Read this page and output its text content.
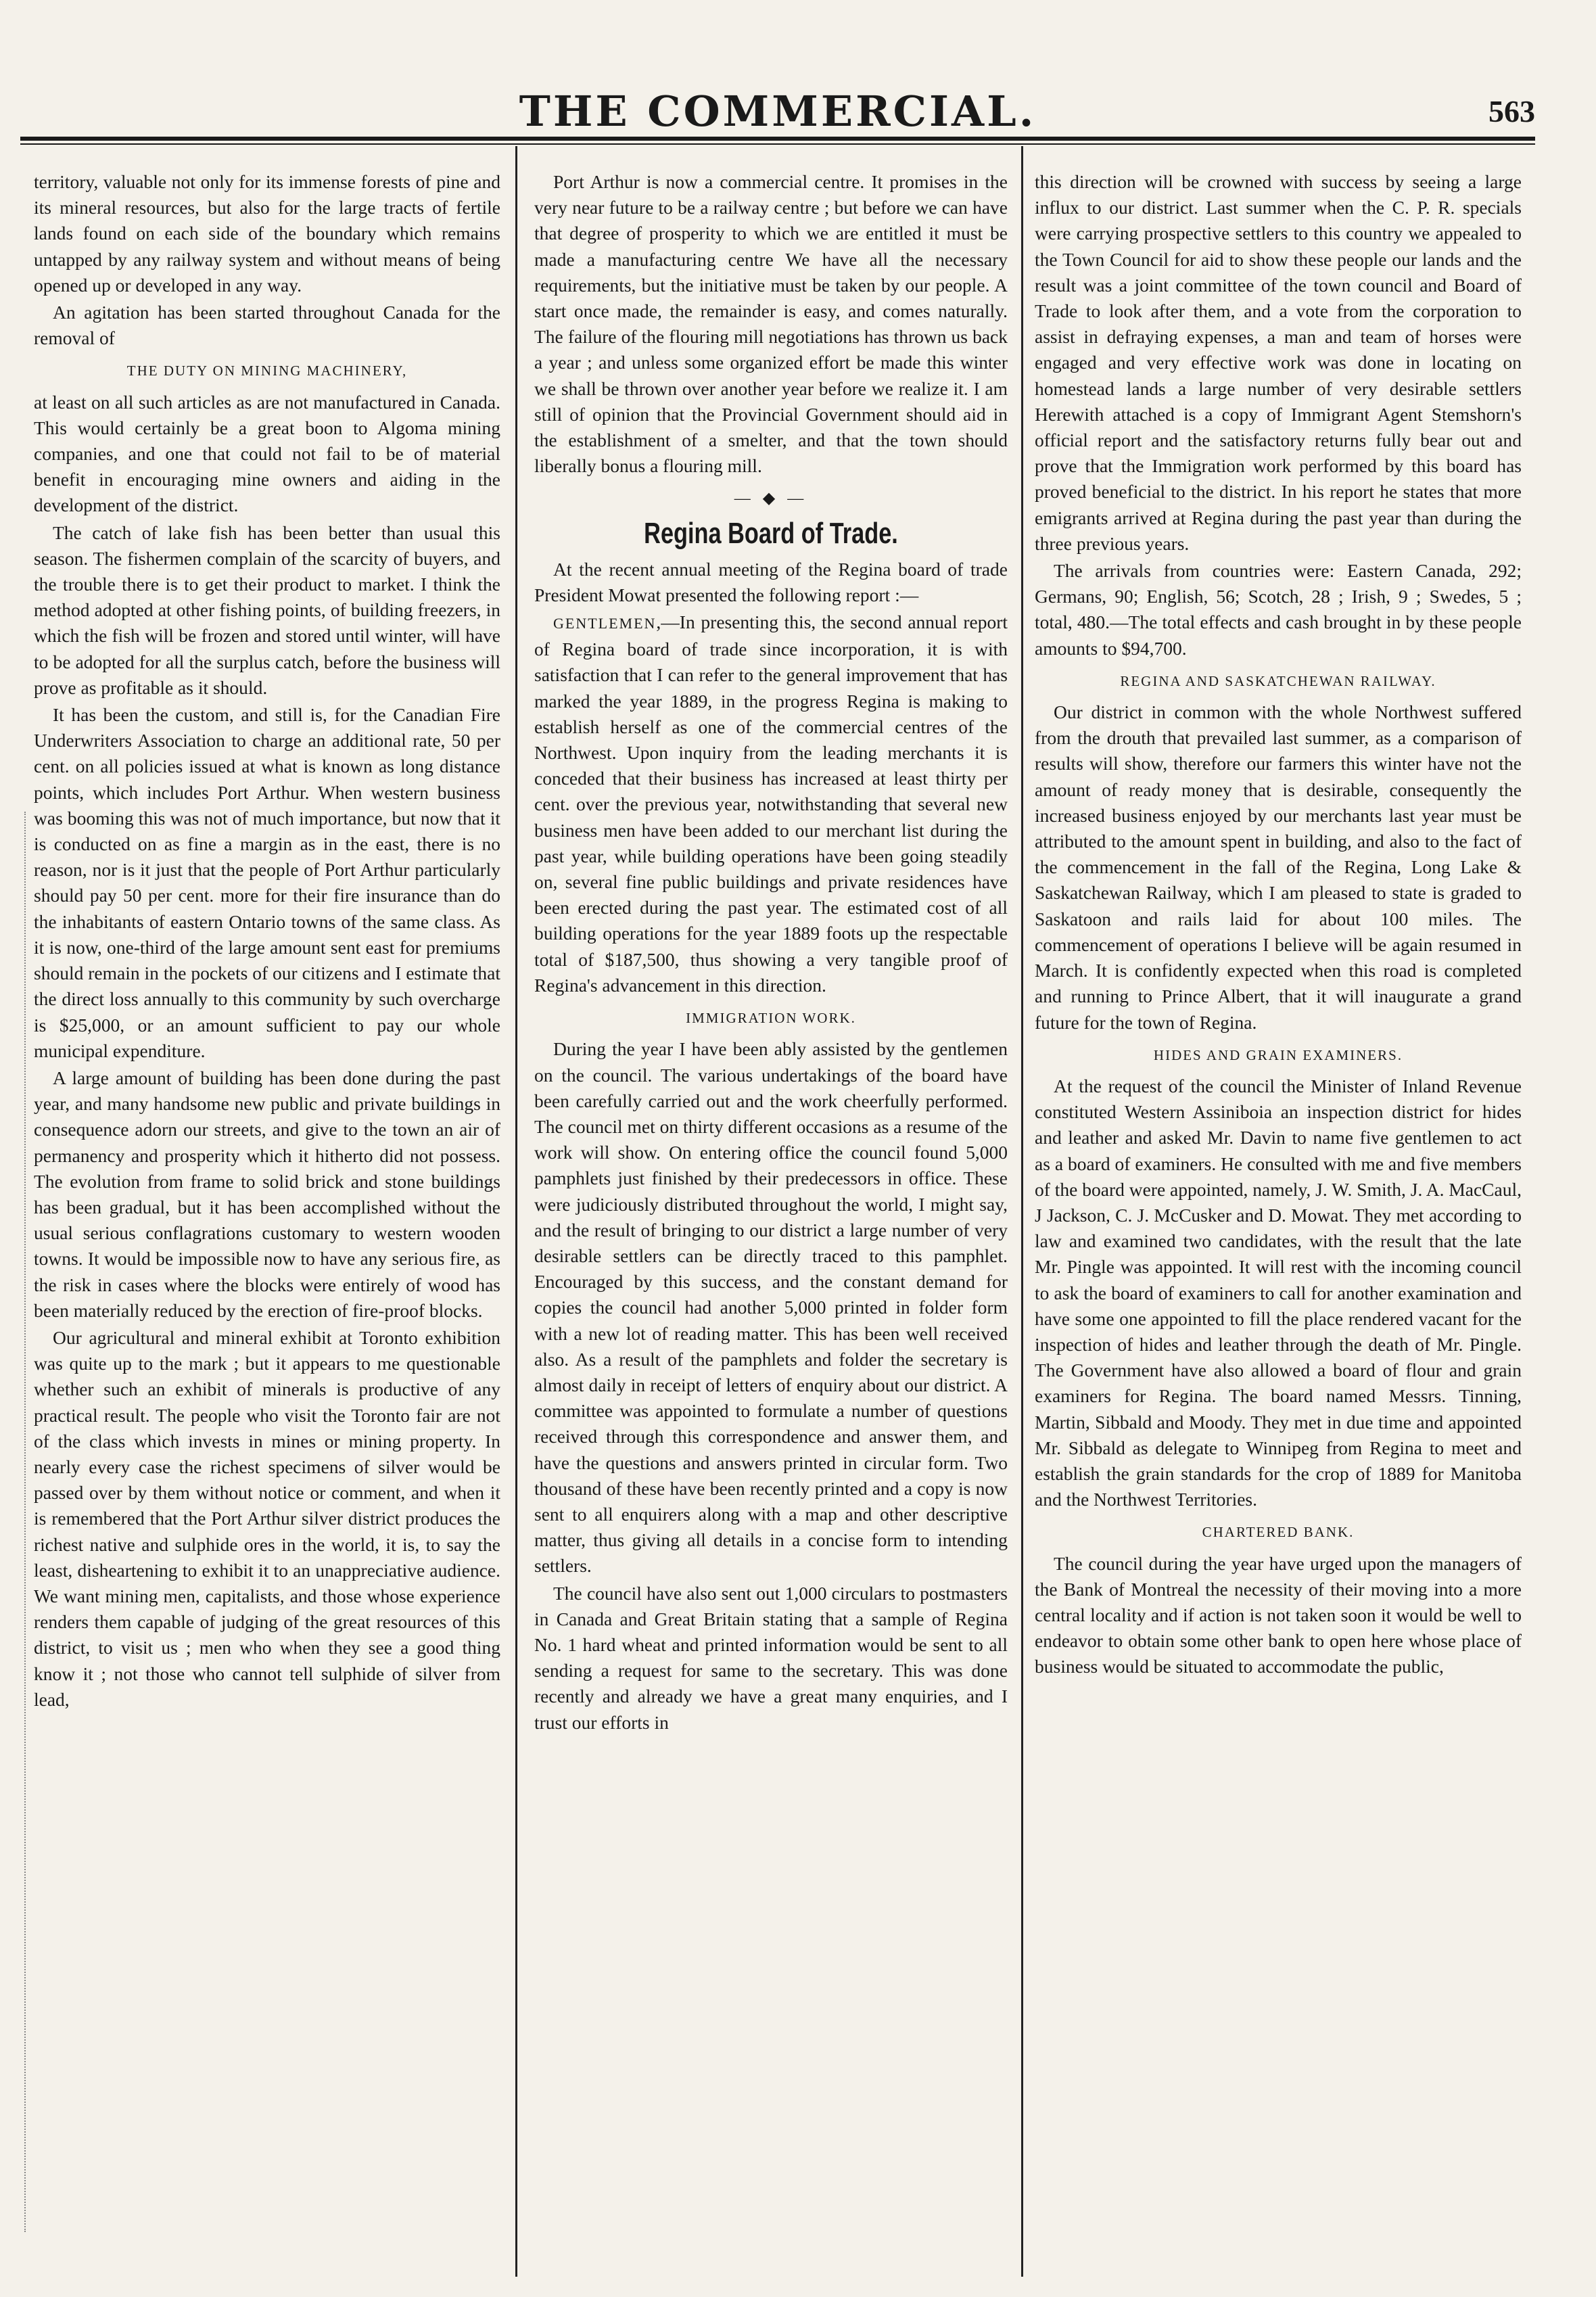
THE COMMERCIAL.	563

territory, valuable not only for its immense forests of pine and its mineral resources, but also for the large tracts of fertile lands found on each side of the boundary which remains untapped by any railway system and without means of being opened up or developed in any way.

An agitation has been started throughout Canada for the removal of

THE DUTY ON MINING MACHINERY,

at least on all such articles as are not manufactured in Canada. This would certainly be a great boon to Algoma mining companies, and one that could not fail to be of material benefit in encouraging mine owners and aiding in the development of the district.

The catch of lake fish has been better than usual this season. The fishermen complain of the scarcity of buyers, and the trouble there is to get their product to market. I think the method adopted at other fishing points, of building freezers, in which the fish will be frozen and stored until winter, will have to be adopted for all the surplus catch, before the business will prove as profitable as it should.

It has been the custom, and still is, for the Canadian Fire Underwriters Association to charge an additional rate, 50 per cent. on all policies issued at what is known as long distance points, which includes Port Arthur. When western business was booming this was not of much importance, but now that it is conducted on as fine a margin as in the east, there is no reason, nor is it just that the people of Port Arthur particularly should pay 50 per cent. more for their fire insurance than do the inhabitants of eastern Ontario towns of the same class. As it is now, one-third of the large amount sent east for premiums should remain in the pockets of our citizens and I estimate that the direct loss annually to this community by such overcharge is $25,000, or an amount sufficient to pay our whole municipal expenditure.

A large amount of building has been done during the past year, and many handsome new public and private buildings in consequence adorn our streets, and give to the town an air of permanency and prosperity which it hitherto did not possess. The evolution from frame to solid brick and stone buildings has been gradual, but it has been accomplished without the usual serious conflagrations customary to western wooden towns. It would be impossible now to have any serious fire, as the risk in cases where the blocks were entirely of wood has been materially reduced by the erection of fire-proof blocks.

Our agricultural and mineral exhibit at Toronto exhibition was quite up to the mark ; but it appears to me questionable whether such an exhibit of minerals is productive of any practical result. The people who visit the Toronto fair are not of the class which invests in mines or mining property. In nearly every case the richest specimens of silver would be passed over by them without notice or comment, and when it is remembered that the Port Arthur silver district produces the richest native and sulphide ores in the world, it is, to say the least, disheartening to exhibit it to an unappreciative audience. We want mining men, capitalists, and those whose experience renders them capable of judging of the great resources of this district, to visit us ; men who when they see a good thing know it ; not those who cannot tell sulphide of silver from lead,

Port Arthur is now a commercial centre. It promises in the very near future to be a railway centre ; but before we can have that degree of prosperity to which we are entitled it must be made a manufacturing centre We have all the necessary requirements, but the initiative must be taken by our people. A start once made, the remainder is easy, and comes naturally. The failure of the flouring mill negotiations has thrown us back a year ; and unless some organized effort be made this winter we shall be thrown over another year before we realize it. I am still of opinion that the Provincial Government should aid in the establishment of a smelter, and that the town should liberally bonus a flouring mill.

— ◆ —
Regina Board of Trade.

At the recent annual meeting of the Regina board of trade President Mowat presented the following report :—

GENTLEMEN,—In presenting this, the second annual report of Regina board of trade since incorporation, it is with satisfaction that I can refer to the general improvement that has marked the year 1889, in the progress Regina is making to establish herself as one of the commercial centres of the Northwest. Upon inquiry from the leading merchants it is conceded that their business has increased at least thirty per cent. over the previous year, notwithstanding that several new business men have been added to our merchant list during the past year, while building operations have been going steadily on, several fine public buildings and private residences have been erected during the past year. The estimated cost of all building operations for the year 1889 foots up the respectable total of $187,500, thus showing a very tangible proof of Regina's advancement in this direction.

IMMIGRATION WORK.

During the year I have been ably assisted by the gentlemen on the council. The various undertakings of the board have been carefully carried out and the work cheerfully performed. The council met on thirty different occasions as a resume of the work will show. On entering office the council found 5,000 pamphlets just finished by their predecessors in office. These were judiciously distributed throughout the world, I might say, and the result of bringing to our district a large number of very desirable settlers can be directly traced to this pamphlet. Encouraged by this success, and the constant demand for copies the council had another 5,000 printed in folder form with a new lot of reading matter. This has been well received also. As a result of the pamphlets and folder the secretary is almost daily in receipt of letters of enquiry about our district. A committee was appointed to formulate a number of questions received through this correspondence and answer them, and have the questions and answers printed in circular form. Two thousand of these have been recently printed and a copy is now sent to all enquirers along with a map and other descriptive matter, thus giving all details in a concise form to intending settlers.

The council have also sent out 1,000 circulars to postmasters in Canada and Great Britain stating that a sample of Regina No. 1 hard wheat and printed information would be sent to all sending a request for same to the secretary. This was done recently and already we have a great many enquiries, and I trust our efforts in

this direction will be crowned with success by seeing a large influx to our district. Last summer when the C. P. R. specials were carrying prospective settlers to this country we appealed to the Town Council for aid to show these people our lands and the result was a joint committee of the town council and Board of Trade to look after them, and a vote from the corporation to assist in defraying expenses, a man and team of horses were engaged and very effective work was done in locating on homestead lands a large number of very desirable settlers Herewith attached is a copy of Immigrant Agent Stemshorn's official report and the satisfactory returns fully bear out and prove that the Immigration work performed by this board has proved beneficial to the district. In his report he states that more emigrants arrived at Regina during the past year than during the three previous years.

The arrivals from countries were: Eastern Canada, 292; Germans, 90; English, 56; Scotch, 28 ; Irish, 9 ; Swedes, 5 ; total, 480.—The total effects and cash brought in by these people amounts to $94,700.

REGINA AND SASKATCHEWAN RAILWAY.

Our district in common with the whole Northwest suffered from the drouth that prevailed last summer, as a comparison of results will show, therefore our farmers this winter have not the amount of ready money that is desirable, consequently the increased business enjoyed by our merchants last year must be attributed to the amount spent in building, and also to the fact of the commencement in the fall of the Regina, Long Lake & Saskatchewan Railway, which I am pleased to state is graded to Saskatoon and rails laid for about 100 miles. The commencement of operations I believe will be again resumed in March. It is confidently expected when this road is completed and running to Prince Albert, that it will inaugurate a grand future for the town of Regina.

HIDES AND GRAIN EXAMINERS.

At the request of the council the Minister of Inland Revenue constituted Western Assiniboia an inspection district for hides and leather and asked Mr. Davin to name five gentlemen to act as a board of examiners. He consulted with me and five members of the board were appointed, namely, J. W. Smith, J. A. MacCaul, J Jackson, C. J. McCusker and D. Mowat. They met according to law and examined two candidates, with the result that the late Mr. Pingle was appointed. It will rest with the incoming council to ask the board of examiners to call for another examination and have some one appointed to fill the place rendered vacant for the inspection of hides and leather through the death of Mr. Pingle. The Government have also allowed a board of flour and grain examiners for Regina. The board named Messrs. Tinning, Martin, Sibbald and Moody. They met in due time and appointed Mr. Sibbald as delegate to Winnipeg from Regina to meet and establish the grain standards for the crop of 1889 for Manitoba and the Northwest Territories.

CHARTERED BANK.

The council during the year have urged upon the managers of the Bank of Montreal the necessity of their moving into a more central locality and if action is not taken soon it would be well to endeavor to obtain some other bank to open here whose place of business would be situated to accommodate the public,
